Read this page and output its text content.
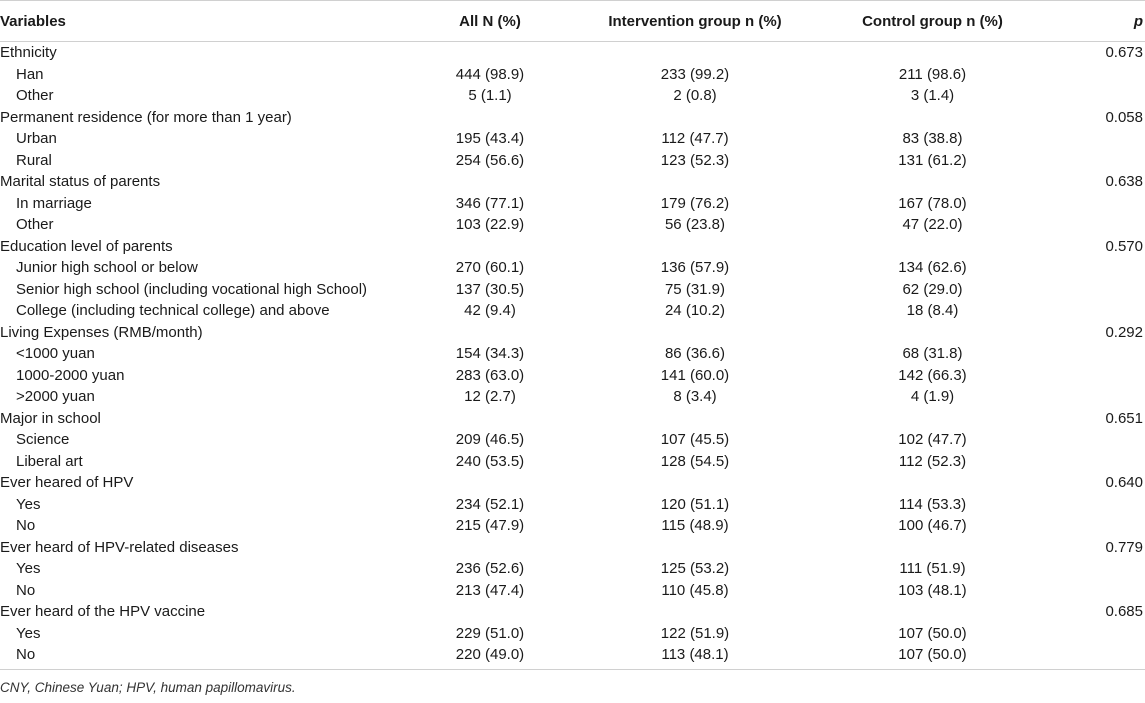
Variables	All N (%)	Intervention group n (%)	Control group n (%)	p
Ethnicity				0.673
Han	444 (98.9)	233 (99.2)	211 (98.6)	
Other	5 (1.1)	2 (0.8)	3 (1.4)	
Permanent residence (for more than 1 year)				0.058
Urban	195 (43.4)	112 (47.7)	83 (38.8)	
Rural	254 (56.6)	123 (52.3)	131 (61.2)	
Marital status of parents				0.638
In marriage	346 (77.1)	179 (76.2)	167 (78.0)	
Other	103 (22.9)	56 (23.8)	47 (22.0)	
Education level of parents				0.570
Junior high school or below	270 (60.1)	136 (57.9)	134 (62.6)	
Senior high school (including vocational high School)	137 (30.5)	75 (31.9)	62 (29.0)	
College (including technical college) and above	42 (9.4)	24 (10.2)	18 (8.4)	
Living Expenses (RMB/month)				0.292
<1000 yuan	154 (34.3)	86 (36.6)	68 (31.8)	
1000-2000 yuan	283 (63.0)	141 (60.0)	142 (66.3)	
>2000 yuan	12 (2.7)	8 (3.4)	4 (1.9)	
Major in school				0.651
Science	209 (46.5)	107 (45.5)	102 (47.7)	
Liberal art	240 (53.5)	128 (54.5)	112 (52.3)	
Ever heared of HPV				0.640
Yes	234 (52.1)	120 (51.1)	114 (53.3)	
No	215 (47.9)	115 (48.9)	100 (46.7)	
Ever heard of HPV-related diseases				0.779
Yes	236 (52.6)	125 (53.2)	111 (51.9)	
No	213 (47.4)	110 (45.8)	103 (48.1)	
Ever heard of the HPV vaccine				0.685
Yes	229 (51.0)	122 (51.9)	107 (50.0)	
No	220 (49.0)	113 (48.1)	107 (50.0)	
CNY, Chinese Yuan; HPV, human papillomavirus.
